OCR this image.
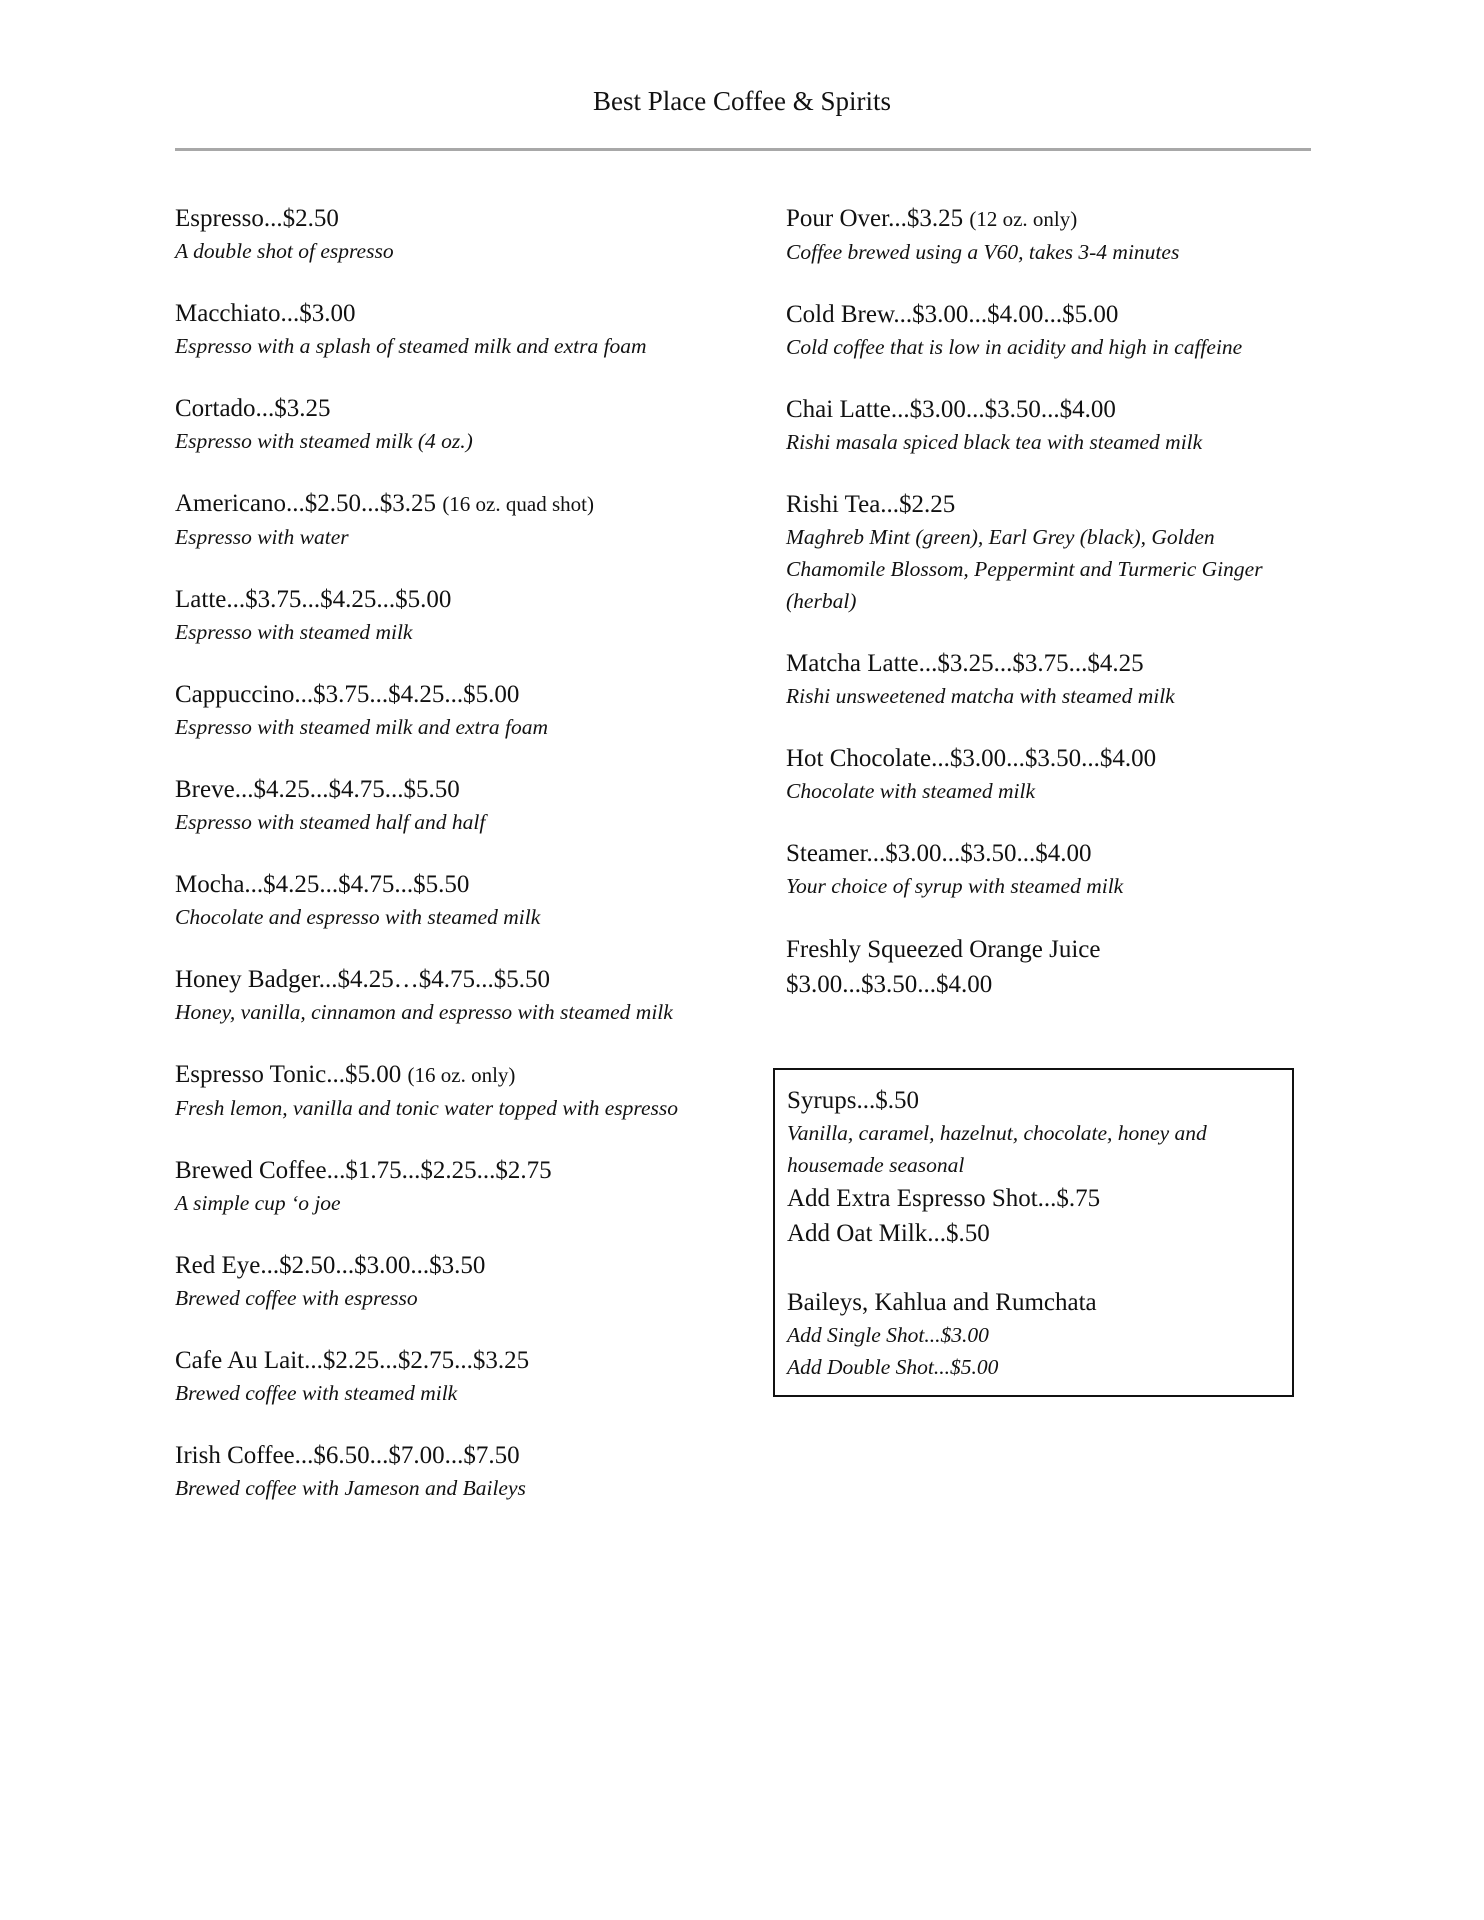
Best Place Coffee & Spirits
Espresso...$2.50
A double shot of espresso
Macchiato...$3.00
Espresso with a splash of steamed milk and extra foam
Cortado...$3.25
Espresso with steamed milk (4 oz.)
Americano...$2.50...$3.25 (16 oz. quad shot)
Espresso with water
Latte...$3.75...$4.25...$5.00
Espresso with steamed milk
Cappuccino...$3.75...$4.25...$5.00
Espresso with steamed milk and extra foam
Breve...$4.25...$4.75...$5.50
Espresso with steamed half and half
Mocha...$4.25...$4.75...$5.50
Chocolate and espresso with steamed milk
Honey Badger...$4.25…$4.75...$5.50
Honey, vanilla, cinnamon and espresso with steamed milk
Espresso Tonic...$5.00 (16 oz. only)
Fresh lemon, vanilla and tonic water topped with espresso
Brewed Coffee...$1.75...$2.25...$2.75
A simple cup ‘o joe
Red Eye...$2.50...$3.00...$3.50
Brewed coffee with espresso
Cafe Au Lait...$2.25...$2.75...$3.25
Brewed coffee with steamed milk
Irish Coffee...$6.50...$7.00...$7.50
Brewed coffee with Jameson and Baileys
Pour Over...$3.25 (12 oz. only)
Coffee brewed using a V60, takes 3-4 minutes
Cold Brew...$3.00...$4.00...$5.00
Cold coffee that is low in acidity and high in caffeine
Chai Latte...$3.00...$3.50...$4.00
Rishi masala spiced black tea with steamed milk
Rishi Tea...$2.25
Maghreb Mint (green), Earl Grey (black), Golden Chamomile Blossom, Peppermint and Turmeric Ginger (herbal)
Matcha Latte...$3.25...$3.75...$4.25
Rishi unsweetened matcha with steamed milk
Hot Chocolate...$3.00...$3.50...$4.00
Chocolate with steamed milk
Steamer...$3.00...$3.50...$4.00
Your choice of syrup with steamed milk
Freshly Squeezed Orange Juice
$3.00...$3.50...$4.00
Syrups...$.50
Vanilla, caramel, hazelnut, chocolate, honey and housemade seasonal
Add Extra Espresso Shot...$.75
Add Oat Milk...$.50
Baileys, Kahlua and Rumchata
Add Single Shot...$3.00
Add Double Shot...$5.00
